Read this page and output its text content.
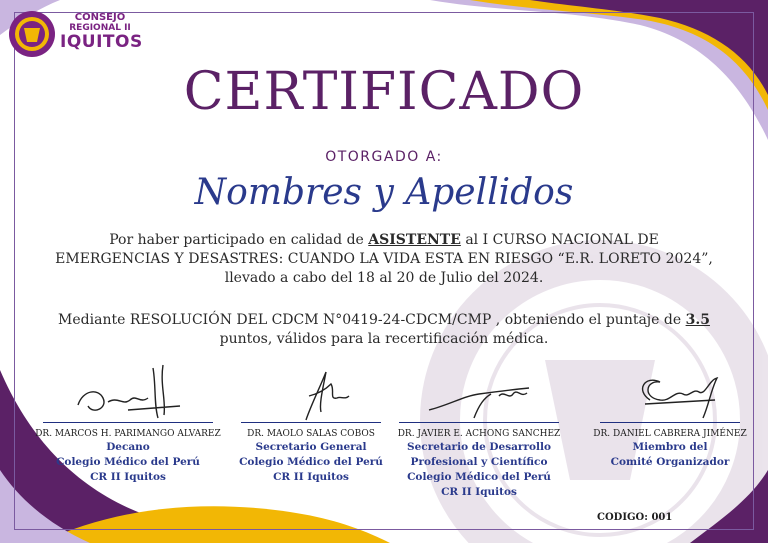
CONSEJO
REGIONAL II
IQUITOS
CERTIFICADO
OTORGADO A:
Nombres y Apellidos
Por haber participado en calidad de ASISTENTE al I CURSO NACIONAL DE EMERGENCIAS Y DESASTRES: CUANDO LA VIDA ESTA EN RIESGO “E.R. LORETO 2024”, llevado a cabo del 18 al 20 de Julio del 2024.
Mediante RESOLUCIÓN DEL CDCM N°0419-24-CDCM/CMP , obteniendo el puntaje de 3.5 puntos, válidos para la recertificación médica.
DR. MARCOS H. PARIMANGO ALVAREZ
Decano
Colegio Médico del Perú
CR II Iquitos
DR. MAOLO SALAS COBOS
Secretario General
Colegio Médico del Perú
CR II Iquitos
DR. JAVIER E. ACHONG SANCHEZ
Secretario de Desarrollo
Profesional y Científico
Colegio Médico del Perú
CR II Iquitos
DR. DANIEL CABRERA JIMÉNEZ
Miembro del
Comité Organizador
CODIGO: 001
